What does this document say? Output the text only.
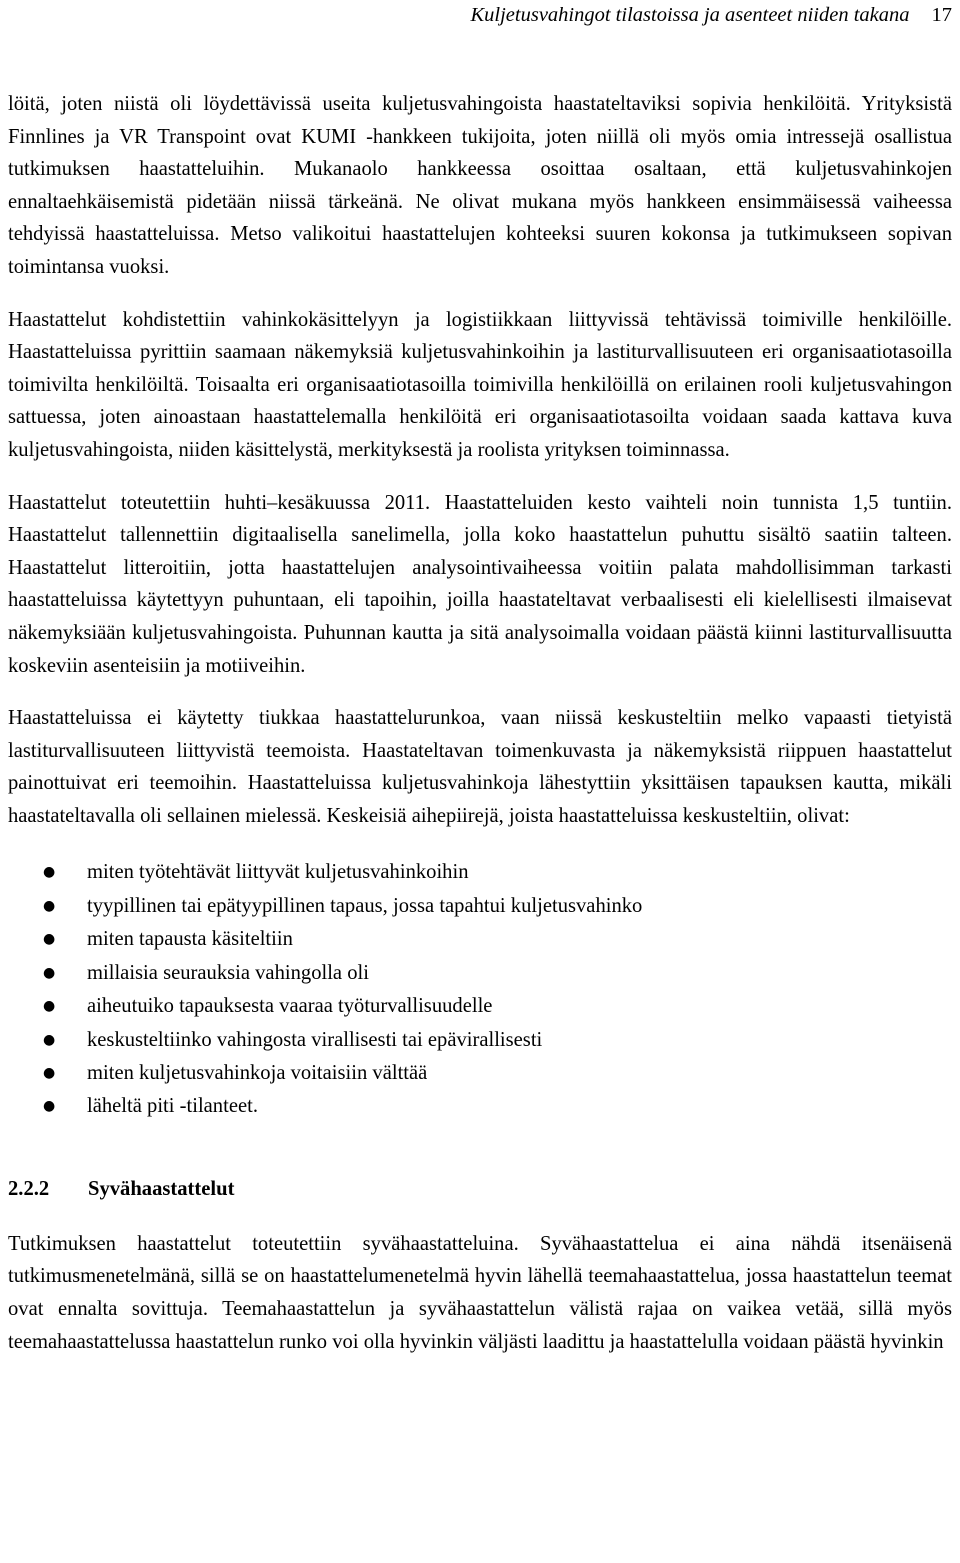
Kuljetusvahingot tilastoissa ja asenteet niiden takana 17

löitä, joten niistä oli löydettävissä useita kuljetusvahingoista haastateltaviksi sopivia henkilöitä. Yrityksistä Finnlines ja VR Transpoint ovat KUMI -hankkeen tukijoita, joten niillä oli myös omia intressejä osallistua tutkimuksen haastatteluihin. Mukanaolo hankkeessa osoittaa osaltaan, että kuljetusvahinkojen ennaltaehkäisemistä pidetään niissä tärkeänä. Ne olivat mukana myös hankkeen ensimmäisessä vaiheessa tehdyissä haastatteluissa. Metso valikoitui haastattelujen kohteeksi suuren kokonsa ja tutkimukseen sopivan toimintansa vuoksi.

Haastattelut kohdistettiin vahinkokäsittelyyn ja logistiikkaan liittyvissä tehtävissä toimiville henkilöille. Haastatteluissa pyrittiin saamaan näkemyksiä kuljetusvahinkoihin ja lastiturvallisuuteen eri organisaatiotasoilla toimivilta henkilöiltä. Toisaalta eri organisaatiotasoilla toimivilla henkilöillä on erilainen rooli kuljetusvahingon sattuessa, joten ainoastaan haastattelemalla henkilöitä eri organisaatiotasoilta voidaan saada kattava kuva kuljetusvahingoista, niiden käsittelystä, merkityksestä ja roolista yrityksen toiminnassa.

Haastattelut toteutettiin huhti–kesäkuussa 2011. Haastatteluiden kesto vaihteli noin tunnista 1,5 tuntiin. Haastattelut tallennettiin digitaalisella sanelimella, jolla koko haastattelun puhuttu sisältö saatiin talteen. Haastattelut litteroitiin, jotta haastattelujen analysointivaiheessa voitiin palata mahdollisimman tarkasti haastatteluissa käytettyyn puhuntaan, eli tapoihin, joilla haastateltavat verbaalisesti eli kielellisesti ilmaisevat näkemyksiään kuljetusvahingoista. Puhunnan kautta ja sitä analysoimalla voidaan päästä kiinni lastiturvallisuutta koskeviin asenteisiin ja motiiveihin.

Haastatteluissa ei käytetty tiukkaa haastattelurunkoa, vaan niissä keskusteltiin melko vapaasti tietyistä lastiturvallisuuteen liittyvistä teemoista. Haastateltavan toimenkuvasta ja näkemyksistä riippuen haastattelut painottuivat eri teemoihin. Haastatteluissa kuljetusvahinkoja lähestyttiin yksittäisen tapauksen kautta, mikäli haastateltavalla oli sellainen mielessä. Keskeisiä aihepiirejä, joista haastatteluissa keskusteltiin, olivat:

● miten työtehtävät liittyvät kuljetusvahinkoihin
● tyypillinen tai epätyypillinen tapaus, jossa tapahtui kuljetusvahinko
● miten tapausta käsiteltiin
● millaisia seurauksia vahingolla oli
● aiheutuiko tapauksesta vaaraa työturvallisuudelle
● keskusteltiinko vahingosta virallisesti tai epävirallisesti
● miten kuljetusvahinkoja voitaisiin välttää
● läheltä piti -tilanteet.
2.2.2 Syvähaastattelut

Tutkimuksen haastattelut toteutettiin syvähaastatteluina. Syvähaastattelua ei aina nähdä itsenäisenä tutkimusmenetelmänä, sillä se on haastattelumenetelmä hyvin lähellä teemahaastattelua, jossa haastattelun teemat ovat ennalta sovittuja. Teemahaastattelun ja syvähaastattelun välistä rajaa on vaikea vetää, sillä myös teemahaastattelussa haastattelun runko voi olla hyvinkin väljästi laadittu ja haastattelulla voidaan päästä hyvinkin
